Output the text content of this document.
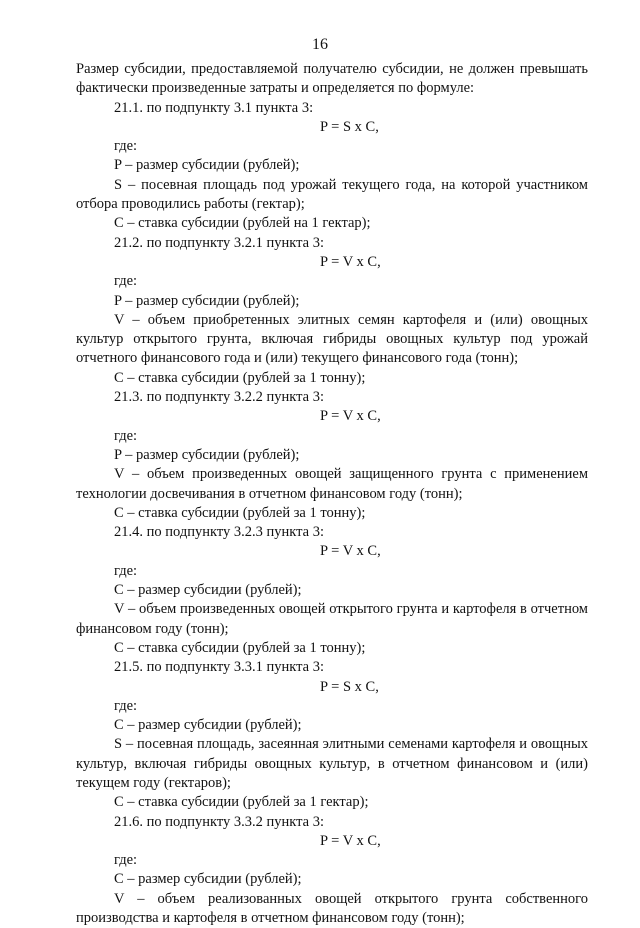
16

Размер субсидии, предоставляемой получателю субсидии, не должен превышать фактически произведенные затраты и определяется по формуле:

21.1. по подпункту 3.1 пункта 3:

P = S x C,

где:

P – размер субсидии (рублей);

S – посевная площадь под урожай текущего года, на которой участником отбора проводились работы (гектар);

C – ставка субсидии (рублей на 1 гектар);

21.2. по подпункту 3.2.1 пункта 3:

P = V x C,

где:

P – размер субсидии (рублей);

V – объем приобретенных элитных семян картофеля и (или) овощных культур открытого грунта, включая гибриды овощных культур под урожай отчетного финансового года и (или) текущего финансового года (тонн);

C – ставка субсидии (рублей за 1 тонну);

21.3. по подпункту 3.2.2 пункта 3:

P = V x C,

где:

P – размер субсидии (рублей);

V – объем произведенных овощей защищенного грунта с применением технологии досвечивания в отчетном финансовом году (тонн);

C – ставка субсидии (рублей за 1 тонну);

21.4. по подпункту 3.2.3 пункта 3:

P = V x C,

где:

C – размер субсидии (рублей);

V – объем произведенных овощей открытого грунта и картофеля в отчетном финансовом году (тонн);

C – ставка субсидии (рублей за 1 тонну);

21.5. по подпункту 3.3.1 пункта 3:

P = S x C,

где:

C – размер субсидии (рублей);

S – посевная площадь, засеянная элитными семенами картофеля и овощных культур, включая гибриды овощных культур, в отчетном финансовом и (или) текущем году (гектаров);

C – ставка субсидии (рублей за 1 гектар);

21.6. по подпункту 3.3.2 пункта 3:

P = V x C,

где:

C – размер субсидии (рублей);

V – объем реализованных овощей открытого грунта собственного производства и картофеля в отчетном финансовом году (тонн);
